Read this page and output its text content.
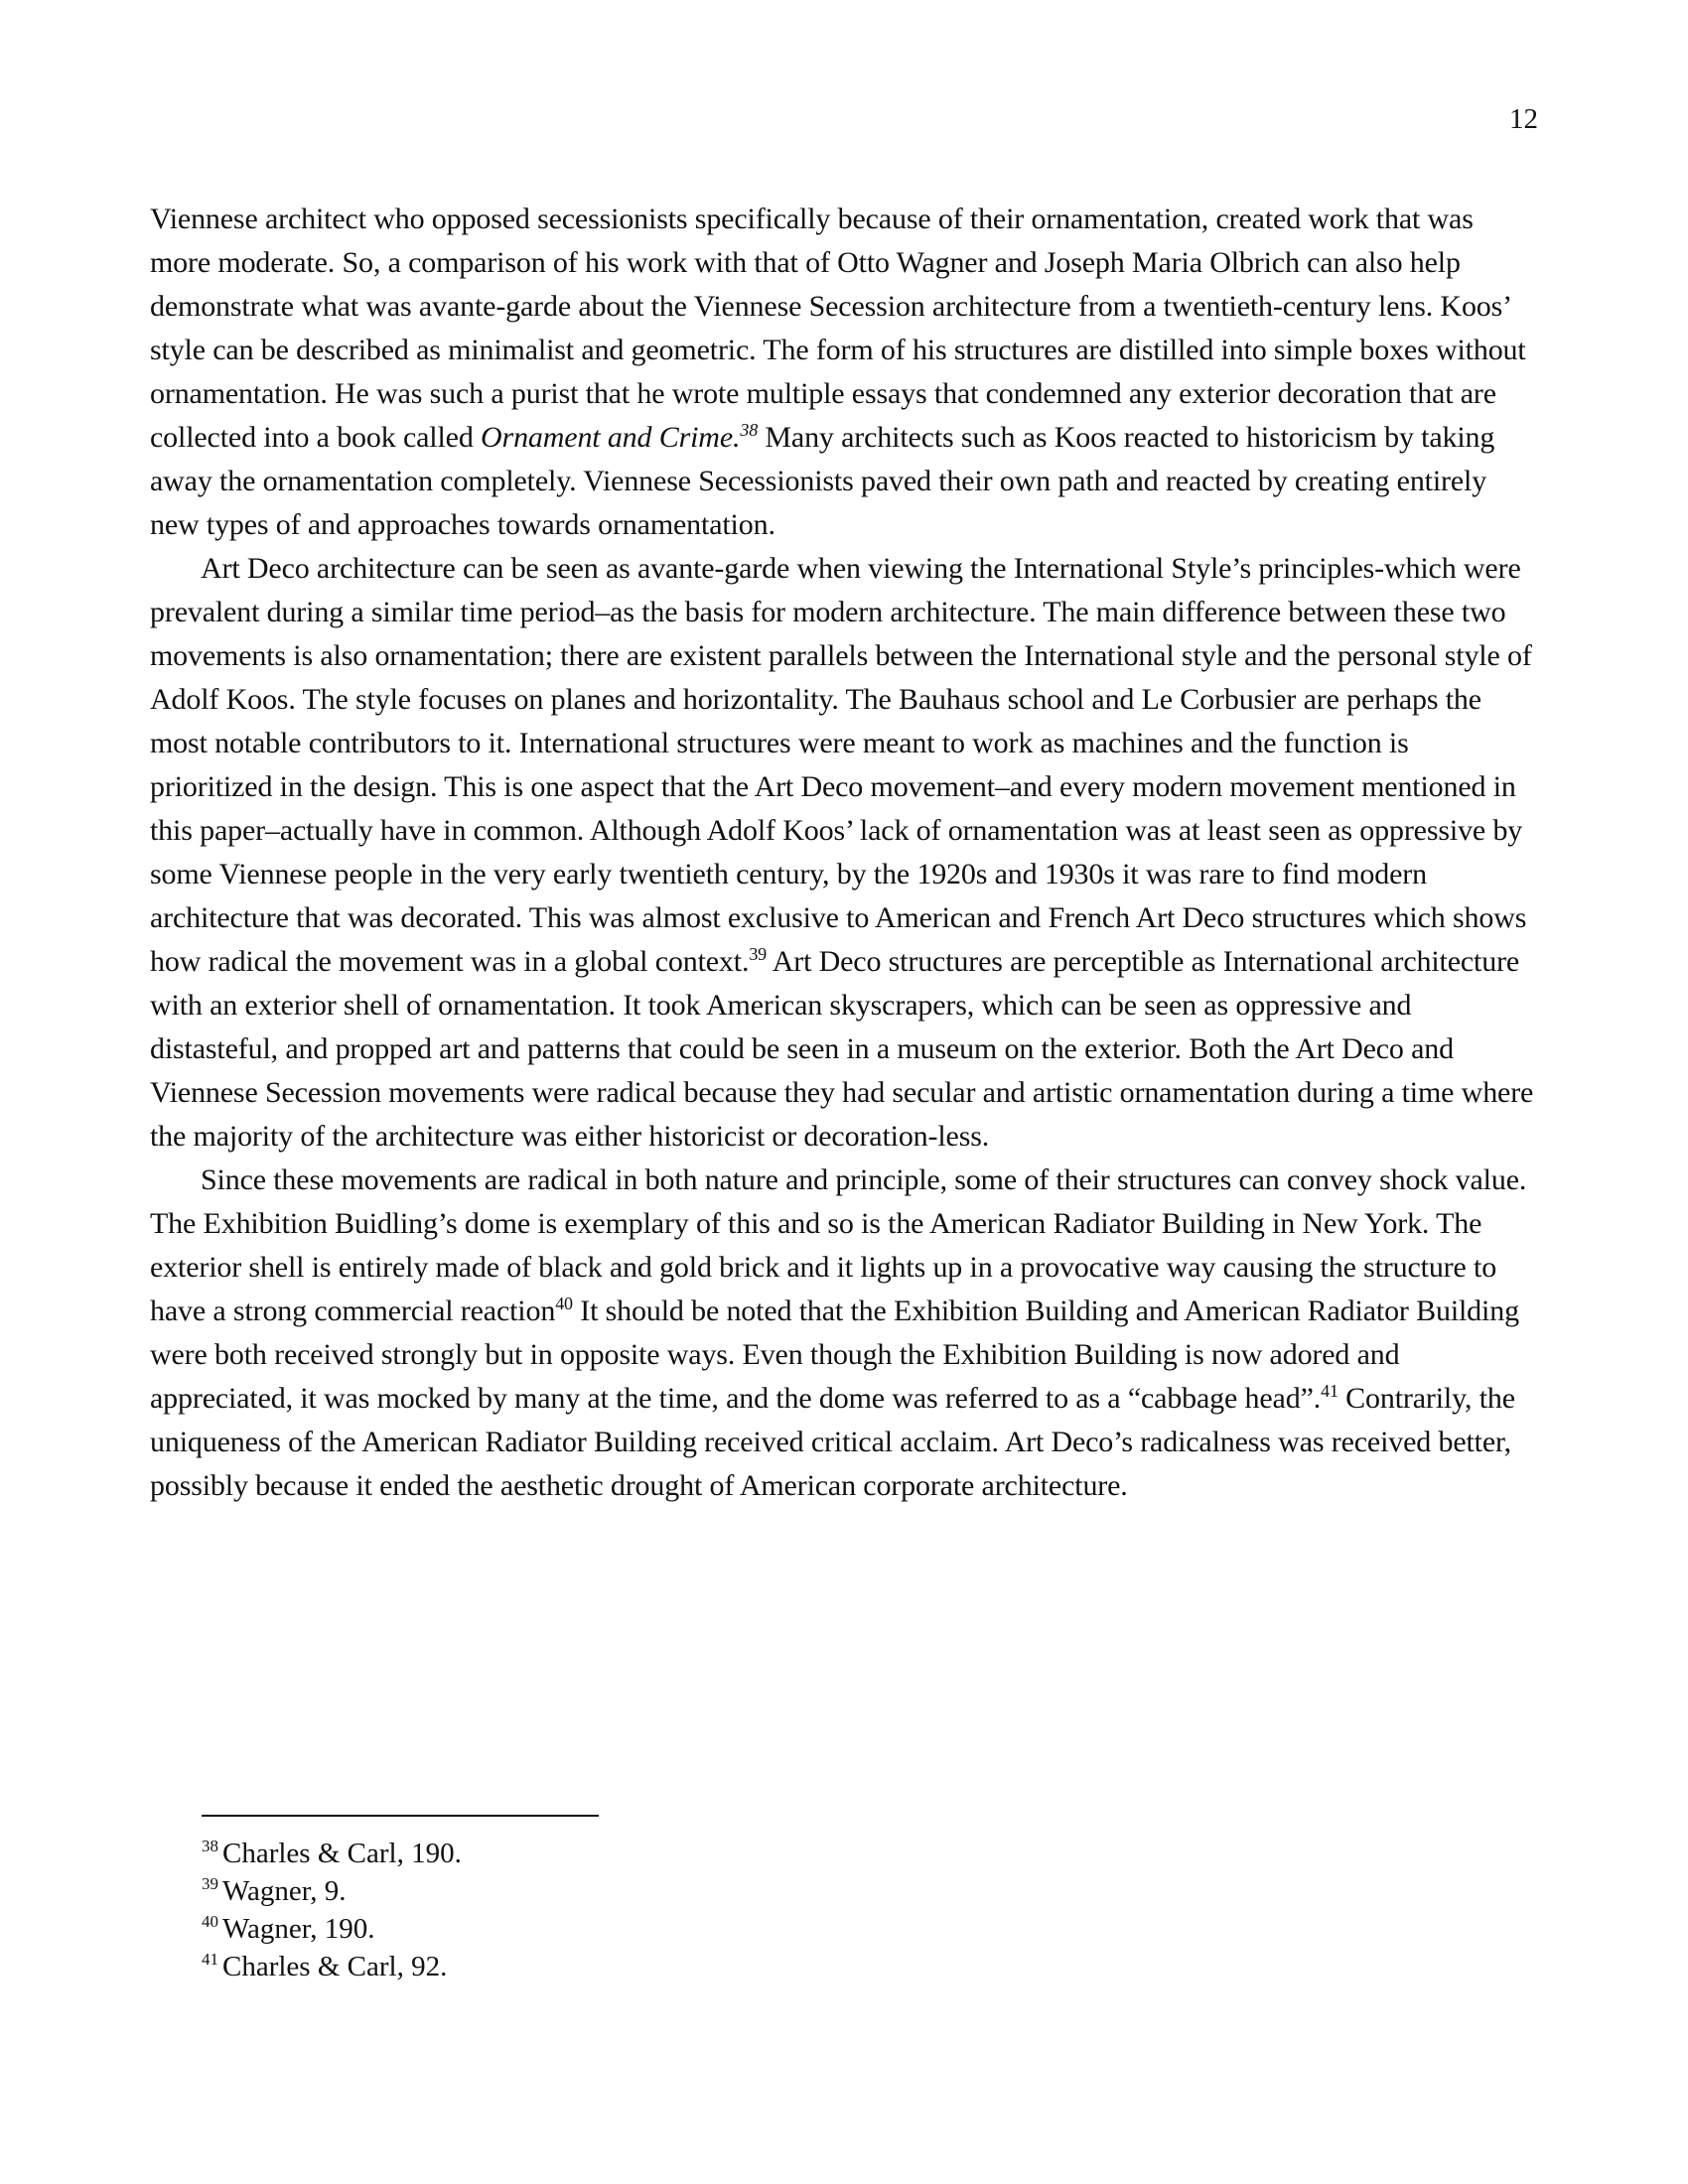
12

Viennese architect who opposed secessionists specifically because of their ornamentation, created work that was more moderate. So, a comparison of his work with that of Otto Wagner and Joseph Maria Olbrich can also help demonstrate what was avante-garde about the Viennese Secession architecture from a twentieth-century lens. Koos’ style can be described as minimalist and geometric. The form of his structures are distilled into simple boxes without ornamentation. He was such a purist that he wrote multiple essays that condemned any exterior decoration that are collected into a book called Ornament and Crime.$^{38}$ Many architects such as Koos reacted to historicism by taking away the ornamentation completely. Viennese Secessionists paved their own path and reacted by creating entirely new types of and approaches towards ornamentation.

Art Deco architecture can be seen as avante-garde when viewing the International Style’s principles-which were prevalent during a similar time period–as the basis for modern architecture. The main difference between these two movements is also ornamentation; there are existent parallels between the International style and the personal style of Adolf Koos. The style focuses on planes and horizontality. The Bauhaus school and Le Corbusier are perhaps the most notable contributors to it. International structures were meant to work as machines and the function is prioritized in the design. This is one aspect that the Art Deco movement–and every modern movement mentioned in this paper–actually have in common. Although Adolf Koos’ lack of ornamentation was at least seen as oppressive by some Viennese people in the very early twentieth century, by the 1920s and 1930s it was rare to find modern architecture that was decorated. This was almost exclusive to American and French Art Deco structures which shows how radical the movement was in a global context.$^{39}$ Art Deco structures are perceptible as International architecture with an exterior shell of ornamentation. It took American skyscrapers, which can be seen as oppressive and distasteful, and propped art and patterns that could be seen in a museum on the exterior. Both the Art Deco and Viennese Secession movements were radical because they had secular and artistic ornamentation during a time where the majority of the architecture was either historicist or decoration-less.

Since these movements are radical in both nature and principle, some of their structures can convey shock value. The Exhibition Buidling’s dome is exemplary of this and so is the American Radiator Building in New York. The exterior shell is entirely made of black and gold brick and it lights up in a provocative way causing the structure to have a strong commercial reaction$^{40}$ It should be noted that the Exhibition Building and American Radiator Building were both received strongly but in opposite ways. Even though the Exhibition Building is now adored and appreciated, it was mocked by many at the time, and the dome was referred to as a “cabbage head”.$^{41}$ Contrarily, the uniqueness of the American Radiator Building received critical acclaim. Art Deco’s radicalness was received better, possibly because it ended the aesthetic drought of American corporate architecture.

$^{38}$ Charles & Carl, 190.

$^{39}$ Wagner, 9.

$^{40}$ Wagner, 190.

$^{41}$ Charles & Carl, 92.
